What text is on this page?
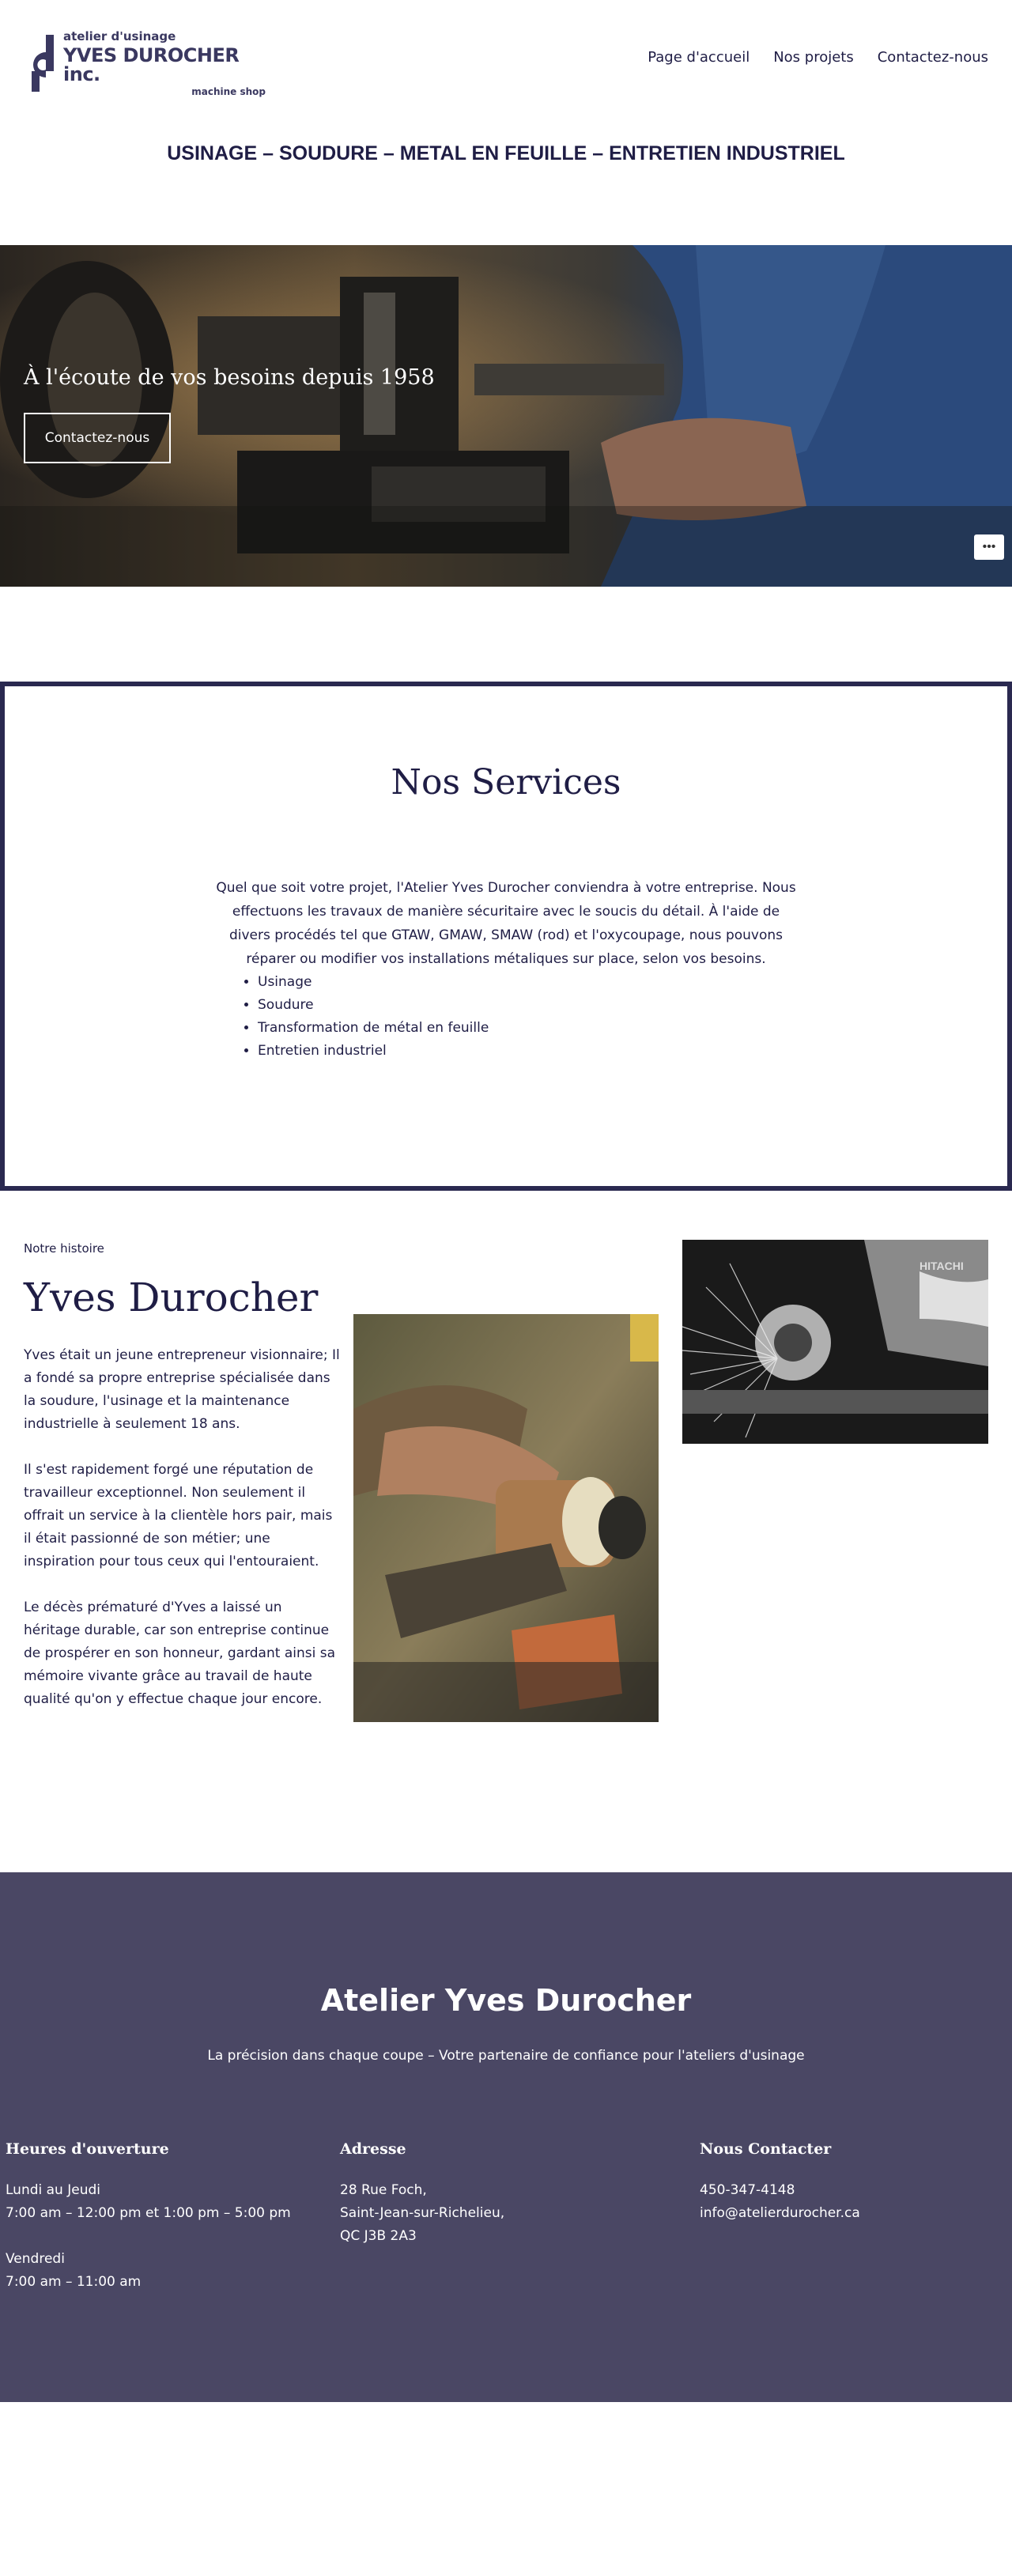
atelier d'usinage
YVES DUROCHER inc.
machine shop
Page d'accueil Nos projets Contactez-nous
USINAGE – SOUDURE – METAL EN FEUILLE – ENTRETIEN INDUSTRIEL
À l'écoute de vos besoins depuis 1958
Contactez-nous
•••
Nos Services

Quel que soit votre projet, l'Atelier Yves Durocher conviendra à votre entreprise. Nous effectuons les travaux de manière sécuritaire avec le soucis du détail. À l'aide de divers procédés tel que GTAW, GMAW, SMAW (rod) et l'oxycoupage, nous pouvons réparer ou modifier vos installations métaliques sur place, selon vos besoins.

• Usinage
• Soudure
• Transformation de métal en feuille
• Entretien industriel
Notre histoire
Yves Durocher

Yves était un jeune entrepreneur visionnaire; Il a fondé sa propre entreprise spécialisée dans la soudure, l'usinage et la maintenance industrielle à seulement 18 ans.

Il s'est rapidement forgé une réputation de travailleur exceptionnel. Non seulement il offrait un service à la clientèle hors pair, mais il était passionné de son métier; une inspiration pour tous ceux qui l'entouraient.

Le décès prématuré d'Yves a laissé un héritage durable, car son entreprise continue de prospérer en son honneur, gardant ainsi sa mémoire vivante grâce au travail de haute qualité qu'on y effectue chaque jour encore.

HITACHI
Atelier Yves Durocher
La précision dans chaque coupe – Votre partenaire de confiance pour l'ateliers d'usinage
Heures d'ouverture
Lundi au Jeudi
7:00 am – 12:00 pm et 1:00 pm – 5:00 pm
Vendredi
7:00 am – 11:00 am
Adresse
28 Rue Foch,
Saint-Jean-sur-Richelieu,
QC J3B 2A3
Nous Contacter
450-347-4148
info@atelierdurocher.ca
